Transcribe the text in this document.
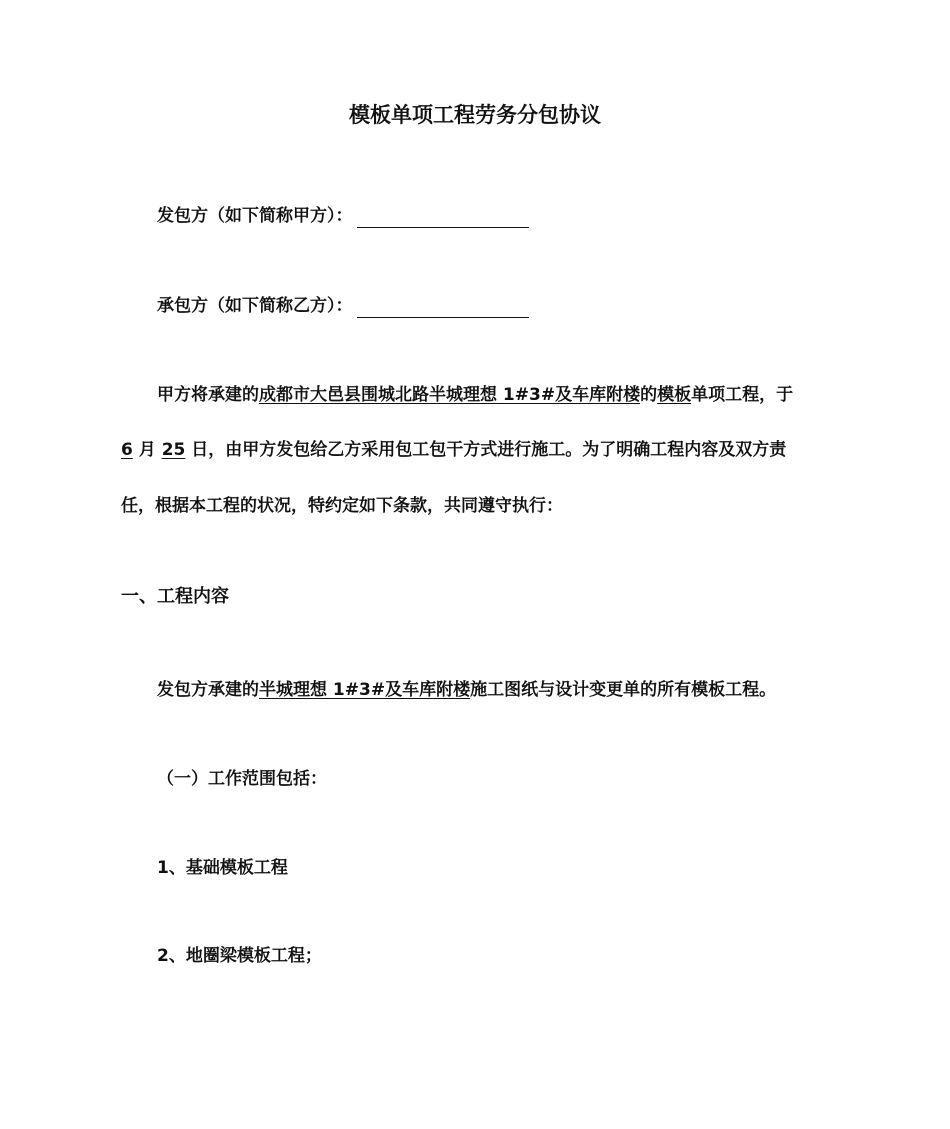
模板单项工程劳务分包协议
发包方（如下简称甲方）：
承包方（如下简称乙方）：
甲方将承建的成都市大邑县围城北路半城理想 1#3#及车库附楼的模板单项工程，于
6 月 25 日，由甲方发包给乙方采用包工包干方式进行施工。为了明确工程内容及双方责
任，根据本工程的状况，特约定如下条款，共同遵守执行：
一、工程内容
发包方承建的半城理想 1#3#及车库附楼施工图纸与设计变更单的所有模板工程。
（一）工作范围包括：
1、基础模板工程
2、地圈梁模板工程；
